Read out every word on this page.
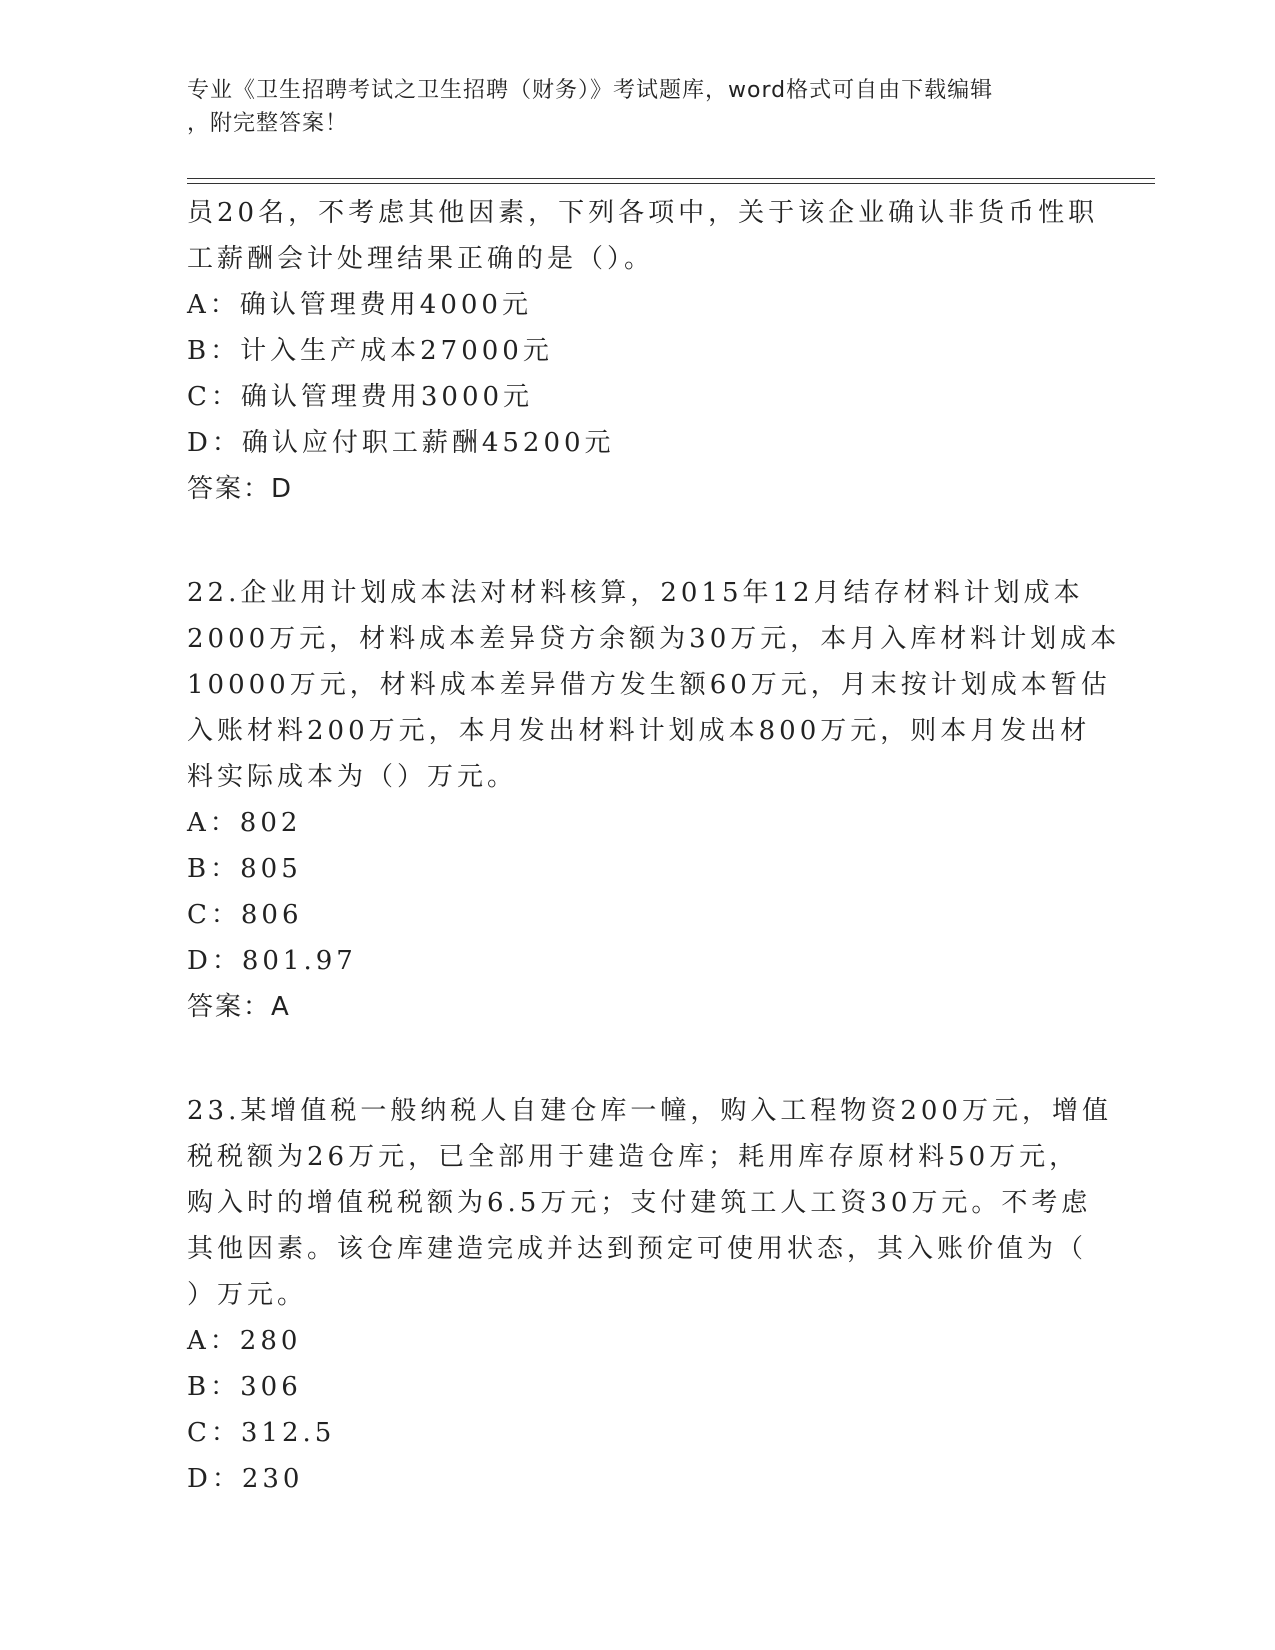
专业《卫生招聘考试之卫生招聘（财务）》考试题库，word格式可自由下载编辑
，附完整答案！
员20名，不考虑其他因素，下列各项中，关于该企业确认非货币性职
工薪酬会计处理结果正确的是（）。
A：确认管理费用4000元
B：计入生产成本27000元
C：确认管理费用3000元
D：确认应付职工薪酬45200元
答案：D
22.企业用计划成本法对材料核算，2015年12月结存材料计划成本
2000万元，材料成本差异贷方余额为30万元，本月入库材料计划成本
10000万元，材料成本差异借方发生额60万元，月末按计划成本暂估
入账材料200万元，本月发出材料计划成本800万元，则本月发出材
料实际成本为（）万元。
A：802
B：805
C：806
D：801.97
答案：A
23.某增值税一般纳税人自建仓库一幢，购入工程物资200万元，增值
税税额为26万元，已全部用于建造仓库；耗用库存原材料50万元，
购入时的增值税税额为6.5万元；支付建筑工人工资30万元。不考虑
其他因素。该仓库建造完成并达到预定可使用状态，其入账价值为（
）万元。
A：280
B：306
C：312.5
D：230
